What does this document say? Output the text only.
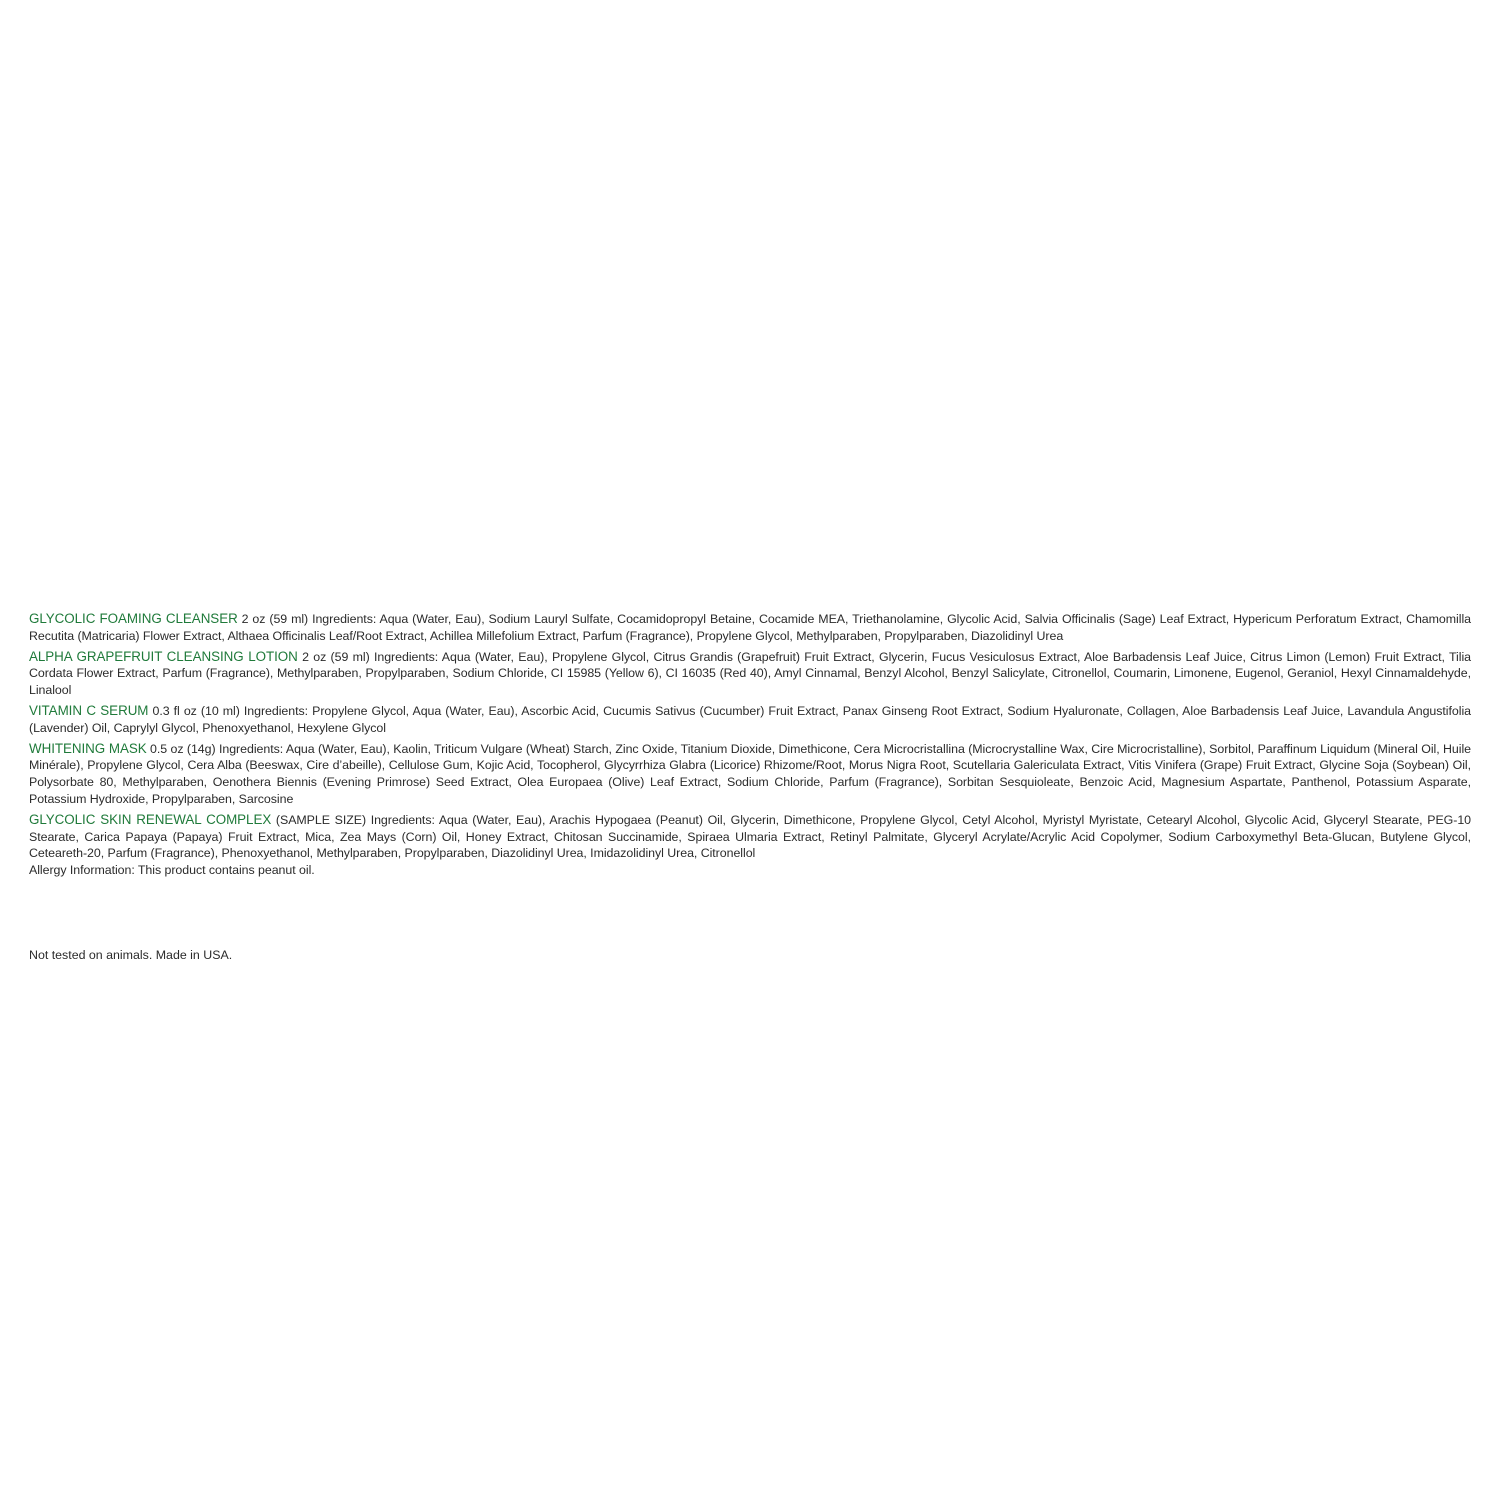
GLYCOLIC FOAMING CLEANSER 2 oz (59 ml) Ingredients: Aqua (Water, Eau), Sodium Lauryl Sulfate, Cocamidopropyl Betaine, Cocamide MEA, Triethanolamine, Glycolic Acid, Salvia Officinalis (Sage) Leaf Extract, Hypericum Perforatum Extract, Chamomilla Recutita (Matricaria) Flower Extract, Althaea Officinalis Leaf/Root Extract, Achillea Millefolium Extract, Parfum (Fragrance), Propylene Glycol, Methylparaben, Propylparaben, Diazolidinyl Urea

ALPHA GRAPEFRUIT CLEANSING LOTION 2 oz (59 ml) Ingredients: Aqua (Water, Eau), Propylene Glycol, Citrus Grandis (Grapefruit) Fruit Extract, Glycerin, Fucus Vesiculosus Extract, Aloe Barbadensis Leaf Juice, Citrus Limon (Lemon) Fruit Extract, Tilia Cordata Flower Extract, Parfum (Fragrance), Methylparaben, Propylparaben, Sodium Chloride, CI 15985 (Yellow 6), CI 16035 (Red 40), Amyl Cinnamal, Benzyl Alcohol, Benzyl Salicylate, Citronellol, Coumarin, Limonene, Eugenol, Geraniol, Hexyl Cinnamaldehyde, Linalool

VITAMIN C SERUM 0.3 fl oz (10 ml) Ingredients: Propylene Glycol, Aqua (Water, Eau), Ascorbic Acid, Cucumis Sativus (Cucumber) Fruit Extract, Panax Ginseng Root Extract, Sodium Hyaluronate, Collagen, Aloe Barbadensis Leaf Juice, Lavandula Angustifolia (Lavender) Oil, Caprylyl Glycol, Phenoxyethanol, Hexylene Glycol

WHITENING MASK 0.5 oz (14g) Ingredients: Aqua (Water, Eau), Kaolin, Triticum Vulgare (Wheat) Starch, Zinc Oxide, Titanium Dioxide, Dimethicone, Cera Microcristallina (Microcrystalline Wax, Cire Microcristalline), Sorbitol, Paraffinum Liquidum (Mineral Oil, Huile Minérale), Propylene Glycol, Cera Alba (Beeswax, Cire d’abeille), Cellulose Gum, Kojic Acid, Tocopherol, Glycyrrhiza Glabra (Licorice) Rhizome/Root, Morus Nigra Root, Scutellaria Galericulata Extract, Vitis Vinifera (Grape) Fruit Extract, Glycine Soja (Soybean) Oil, Polysorbate 80, Methylparaben, Oenothera Biennis (Evening Primrose) Seed Extract, Olea Europaea (Olive) Leaf Extract, Sodium Chloride, Parfum (Fragrance), Sorbitan Sesquioleate, Benzoic Acid, Magnesium Aspartate, Panthenol, Potassium Asparate, Potassium Hydroxide, Propylparaben, Sarcosine

GLYCOLIC SKIN RENEWAL COMPLEX (SAMPLE SIZE) Ingredients: Aqua (Water, Eau), Arachis Hypogaea (Peanut) Oil, Glycerin, Dimethicone, Propylene Glycol, Cetyl Alcohol, Myristyl Myristate, Cetearyl Alcohol, Glycolic Acid, Glyceryl Stearate, PEG-10 Stearate, Carica Papaya (Papaya) Fruit Extract, Mica, Zea Mays (Corn) Oil, Honey Extract, Chitosan Succinamide, Spiraea Ulmaria Extract, Retinyl Palmitate, Glyceryl Acrylate/Acrylic Acid Copolymer, Sodium Carboxymethyl Beta-Glucan, Butylene Glycol, Ceteareth-20, Parfum (Fragrance), Phenoxyethanol, Methylparaben, Propylparaben, Diazolidinyl Urea, Imidazolidinyl Urea, Citronellol

Allergy Information: This product contains peanut oil.

Not tested on animals. Made in USA.
